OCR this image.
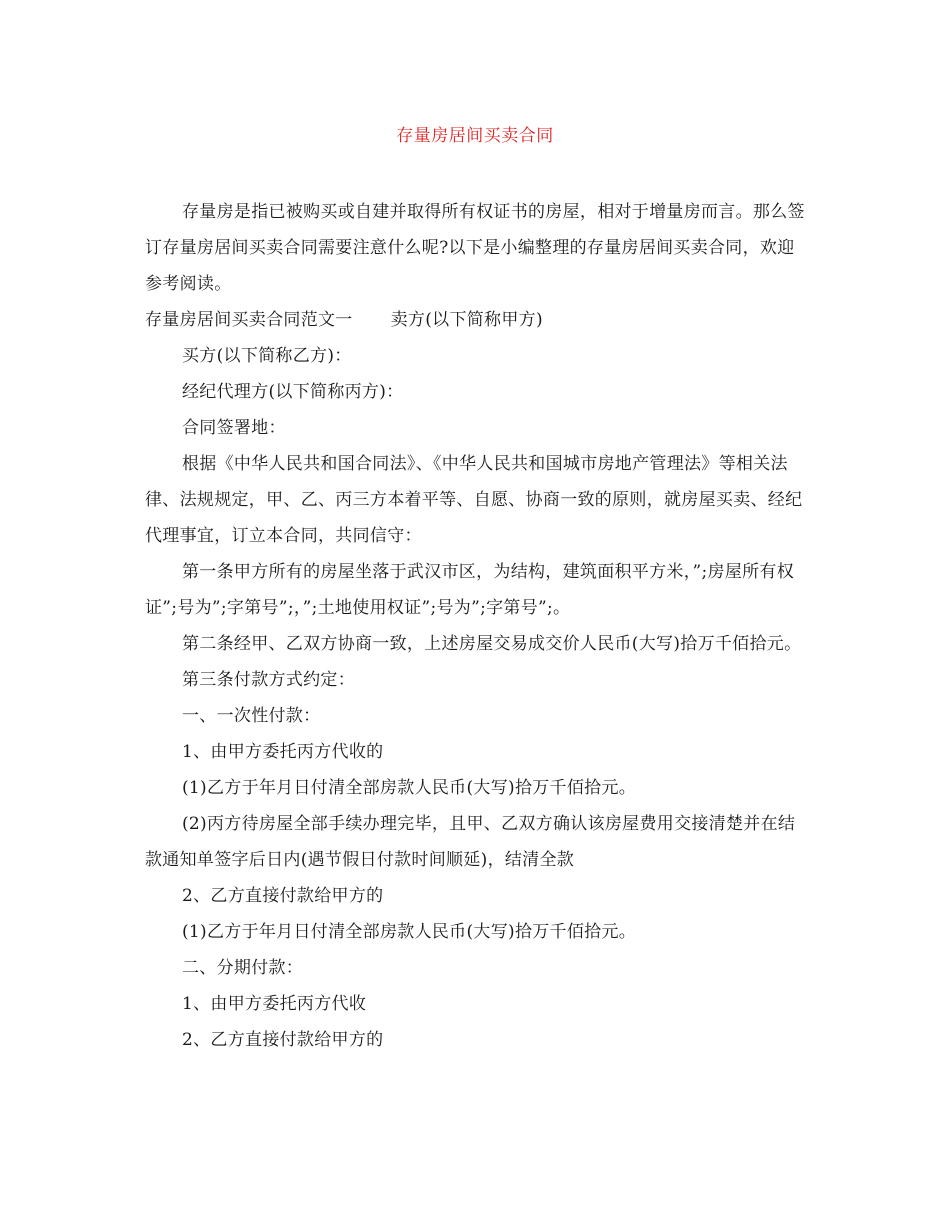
存量房居间买卖合同

存量房是指已被购买或自建并取得所有权证书的房屋，相对于增量房而言。那么签订存量房居间买卖合同需要注意什么呢?以下是小编整理的存量房居间买卖合同，欢迎参考阅读。

存量房居间买卖合同范文一 卖方(以下简称甲方)

买方(以下简称乙方)：

经纪代理方(以下简称丙方)：

合同签署地：

根据《中华人民共和国合同法》、《中华人民共和国城市房地产管理法》等相关法律、法规规定，甲、乙、丙三方本着平等、自愿、协商一致的原则，就房屋买卖、经纪代理事宜，订立本合同，共同信守：

第一条甲方所有的房屋坐落于武汉市区，为结构，建筑面积平方米，”;房屋所有权证”;号为”;字第号”;，”;土地使用权证”;号为”;字第号”;。

第二条经甲、乙双方协商一致，上述房屋交易成交价人民币(大写)拾万千佰拾元。

第三条付款方式约定：

一、一次性付款：

1、由甲方委托丙方代收的

(1)乙方于年月日付清全部房款人民币(大写)拾万千佰拾元。

(2)丙方待房屋全部手续办理完毕，且甲、乙双方确认该房屋费用交接清楚并在结款通知单签字后日内(遇节假日付款时间顺延)，结清全款

2、乙方直接付款给甲方的

(1)乙方于年月日付清全部房款人民币(大写)拾万千佰拾元。

二、分期付款：

1、由甲方委托丙方代收

2、乙方直接付款给甲方的
